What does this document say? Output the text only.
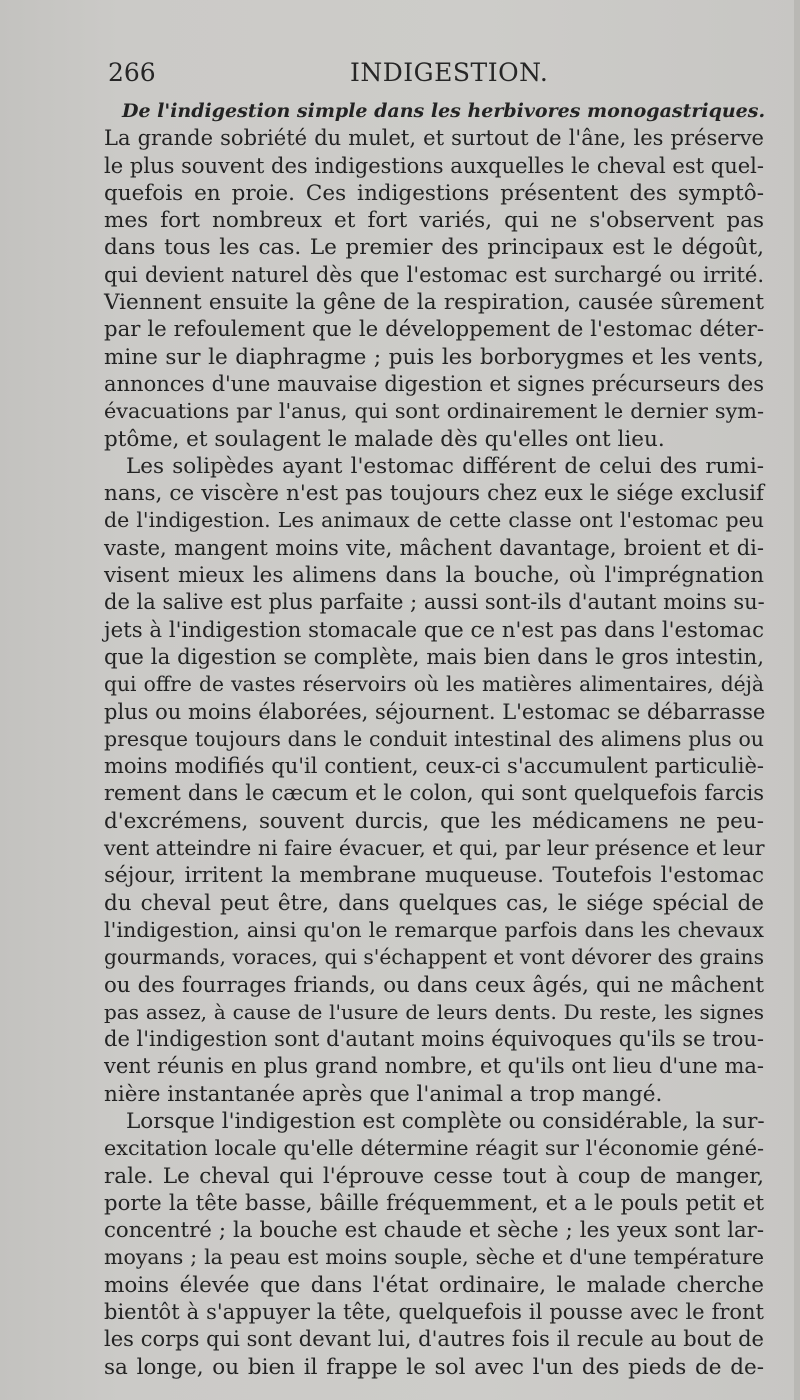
266	INDIGESTION.
De l'indigestion simple dans les herbivores monogastriques.
La grande sobriété du mulet, et surtout de l'âne, les préserve
le plus souvent des indigestions auxquelles le cheval est quel-
quefois en proie. Ces indigestions présentent des symptô-
mes fort nombreux et fort variés, qui ne s'observent pas
dans tous les cas. Le premier des principaux est le dégoût,
qui devient naturel dès que l'estomac est surchargé ou irrité.
Viennent ensuite la gêne de la respiration, causée sûrement
par le refoulement que le développement de l'estomac déter-
mine sur le diaphragme ; puis les borborygmes et les vents,
annonces d'une mauvaise digestion et signes précurseurs des
évacuations par l'anus, qui sont ordinairement le dernier sym-
ptôme, et soulagent le malade dès qu'elles ont lieu.
Les solipèdes ayant l'estomac différent de celui des rumi-
nans, ce viscère n'est pas toujours chez eux le siége exclusif
de l'indigestion. Les animaux de cette classe ont l'estomac peu
vaste, mangent moins vite, mâchent davantage, broient et di-
visent mieux les alimens dans la bouche, où l'imprégnation
de la salive est plus parfaite ; aussi sont-ils d'autant moins su-
jets à l'indigestion stomacale que ce n'est pas dans l'estomac
que la digestion se complète, mais bien dans le gros intestin,
qui offre de vastes réservoirs où les matières alimentaires, déjà
plus ou moins élaborées, séjournent. L'estomac se débarrasse
presque toujours dans le conduit intestinal des alimens plus ou
moins modifiés qu'il contient, ceux-ci s'accumulent particuliè-
rement dans le cæcum et le colon, qui sont quelquefois farcis
d'excrémens, souvent durcis, que les médicamens ne peu-
vent atteindre ni faire évacuer, et qui, par leur présence et leur
séjour, irritent la membrane muqueuse. Toutefois l'estomac
du cheval peut être, dans quelques cas, le siége spécial de
l'indigestion, ainsi qu'on le remarque parfois dans les chevaux
gourmands, voraces, qui s'échappent et vont dévorer des grains
ou des fourrages friands, ou dans ceux âgés, qui ne mâchent
pas assez, à cause de l'usure de leurs dents. Du reste, les signes
de l'indigestion sont d'autant moins équivoques qu'ils se trou-
vent réunis en plus grand nombre, et qu'ils ont lieu d'une ma-
nière instantanée après que l'animal a trop mangé.
Lorsque l'indigestion est complète ou considérable, la sur-
excitation locale qu'elle détermine réagit sur l'économie géné-
rale. Le cheval qui l'éprouve cesse tout à coup de manger,
porte la tête basse, bâille fréquemment, et a le pouls petit et
concentré ; la bouche est chaude et sèche ; les yeux sont lar-
moyans ; la peau est moins souple, sèche et d'une température
moins élevée que dans l'état ordinaire, le malade cherche
bientôt à s'appuyer la tête, quelquefois il pousse avec le front
les corps qui sont devant lui, d'autres fois il recule au bout de
sa longe, ou bien il frappe le sol avec l'un des pieds de de-
